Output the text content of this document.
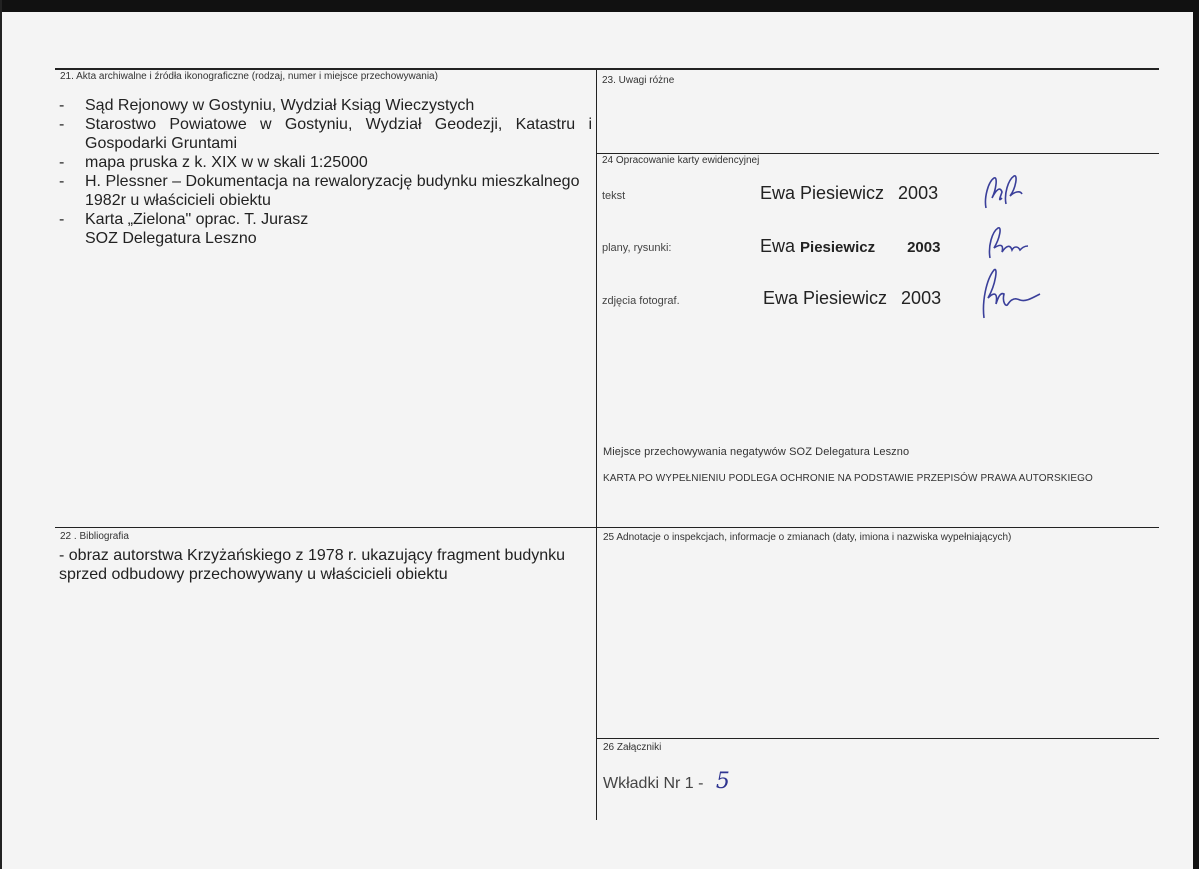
21. Akta archiwalne i źródła ikonograficzne (rodzaj, numer i miejsce przechowywania)
- Sąd Rejonowy w Gostyniu, Wydział Ksiąg Wieczystych
- Starostwo Powiatowe w Gostyniu, Wydział Geodezji, Katastru i Gospodarki Gruntami
- mapa pruska z k. XIX w w skali 1:25000
- H. Plessner – Dokumentacja na rewaloryzację budynku mieszkalnego 1982r u właścicieli obiektu
- Karta „Zielona" oprac. T. Jurasz
SOZ Delegatura Leszno
22 . Bibliografia
- obraz autorstwa Krzyżańskiego z 1978 r. ukazujący fragment budynku sprzed odbudowy przechowywany u właścicieli obiektu
23. Uwagi różne
24 Opracowanie karty ewidencyjnej
tekst	Ewa Piesiewicz 2003
plany, rysunki:	Ewa Piesiewicz 2003
zdjęcia fotograf.	Ewa Piesiewicz 2003
Miejsce przechowywania negatywów SOZ Delegatura Leszno
KARTA PO WYPEŁNIENIU PODLEGA OCHRONIE NA PODSTAWIE PRZEPISÓW PRAWA AUTORSKIEGO
25 Adnotacje o inspekcjach, informacje o zmianach (daty, imiona i nazwiska wypełniających)
26 Załączniki
Wkładki Nr 1 - 5
